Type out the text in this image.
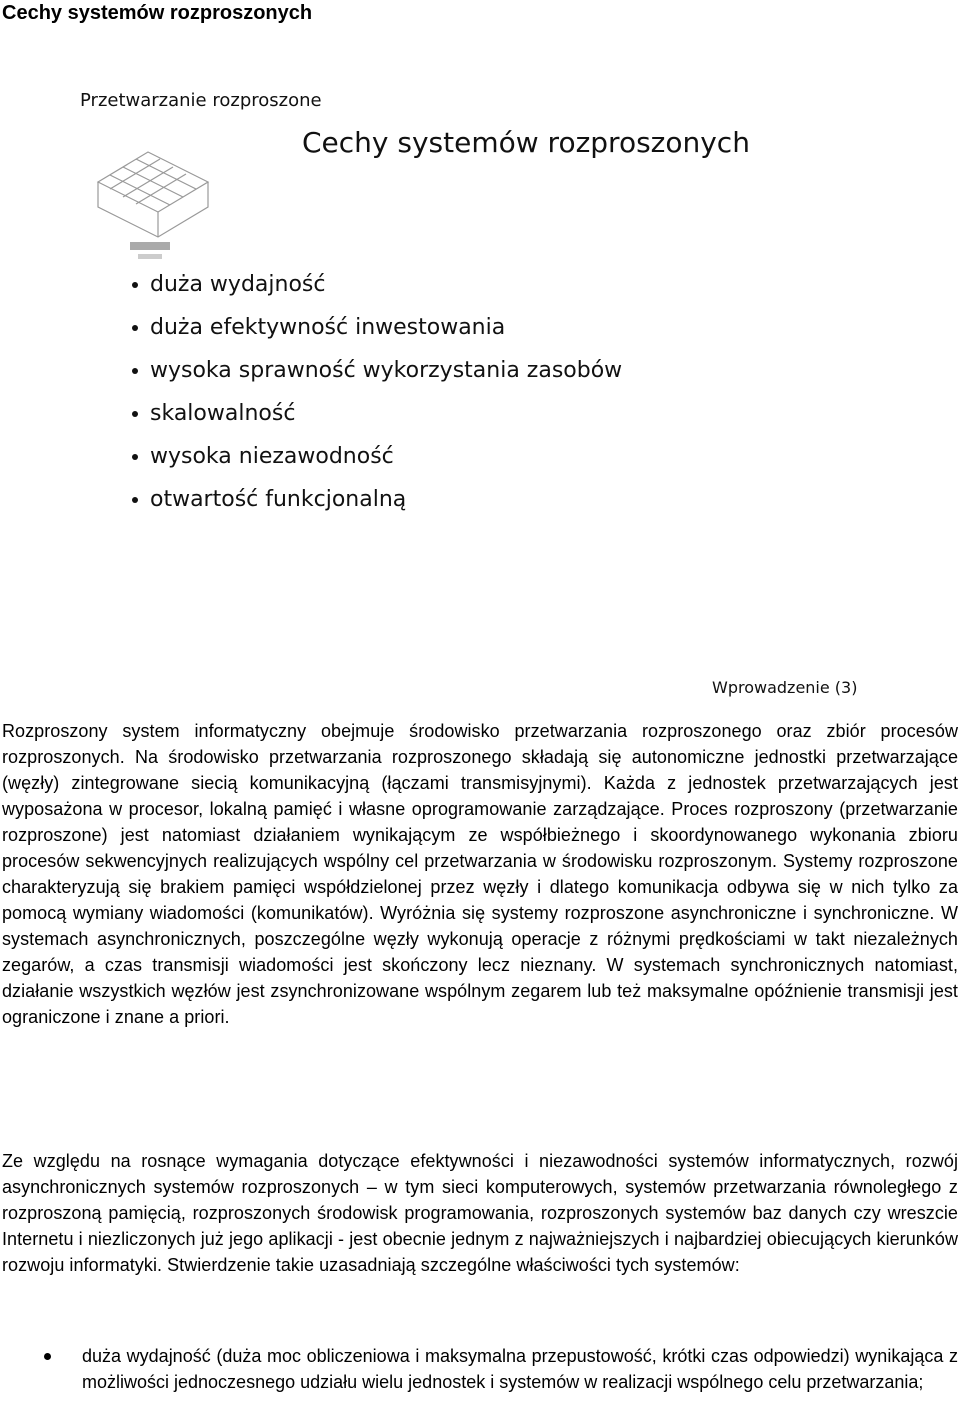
Cechy systemów rozproszonych
Przetwarzanie rozproszone
Cechy systemów rozproszonych
duża wydajność
duża efektywność inwestowania
wysoka sprawność wykorzystania zasobów
skalowalność
wysoka niezawodność
otwartość funkcjonalną
Wprowadzenie (3)

Rozproszony system informatyczny obejmuje środowisko przetwarzania rozproszonego oraz zbiór procesów rozproszonych. Na środowisko przetwarzania rozproszonego składają się autonomiczne jednostki przetwarzające (węzły) zintegrowane siecią komunikacyjną (łączami transmisyjnymi). Każda z jednostek przetwarzających jest wyposażona w procesor, lokalną pamięć i własne oprogramowanie zarządzające. Proces rozproszony (przetwarzanie rozproszone) jest natomiast działaniem wynikającym ze współbieżnego i skoordynowanego wykonania zbioru procesów sekwencyjnych realizujących wspólny cel przetwarzania w środowisku rozproszonym. Systemy rozproszone charakteryzują się brakiem pamięci współdzielonej przez węzły i dlatego komunikacja odbywa się w nich tylko za pomocą wymiany wiadomości (komunikatów). Wyróżnia się systemy rozproszone asynchroniczne i synchroniczne. W systemach asynchronicznych, poszczególne węzły wykonują operacje z różnymi prędkościami w takt niezależnych zegarów, a czas transmisji wiadomości jest skończony lecz nieznany. W systemach synchronicznych natomiast, działanie wszystkich węzłów jest zsynchronizowane wspólnym zegarem lub też maksymalne opóźnienie transmisji jest ograniczone i znane a priori.

Ze względu na rosnące wymagania dotyczące efektywności i niezawodności systemów informatycznych, rozwój asynchronicznych systemów rozproszonych – w tym sieci komputerowych, systemów przetwarzania równoległego z rozproszoną pamięcią, rozproszonych środowisk programowania, rozproszonych systemów baz danych czy wreszcie Internetu i niezliczonych już jego aplikacji - jest obecnie jednym z najważniejszych i najbardziej obiecujących kierunków rozwoju informatyki. Stwierdzenie takie uzasadniają szczególne właściwości tych systemów:

duża wydajność (duża moc obliczeniowa i maksymalna przepustowość, krótki czas odpowiedzi) wynikająca z możliwości jednoczesnego udziału wielu jednostek i systemów w realizacji wspólnego celu przetwarzania;
